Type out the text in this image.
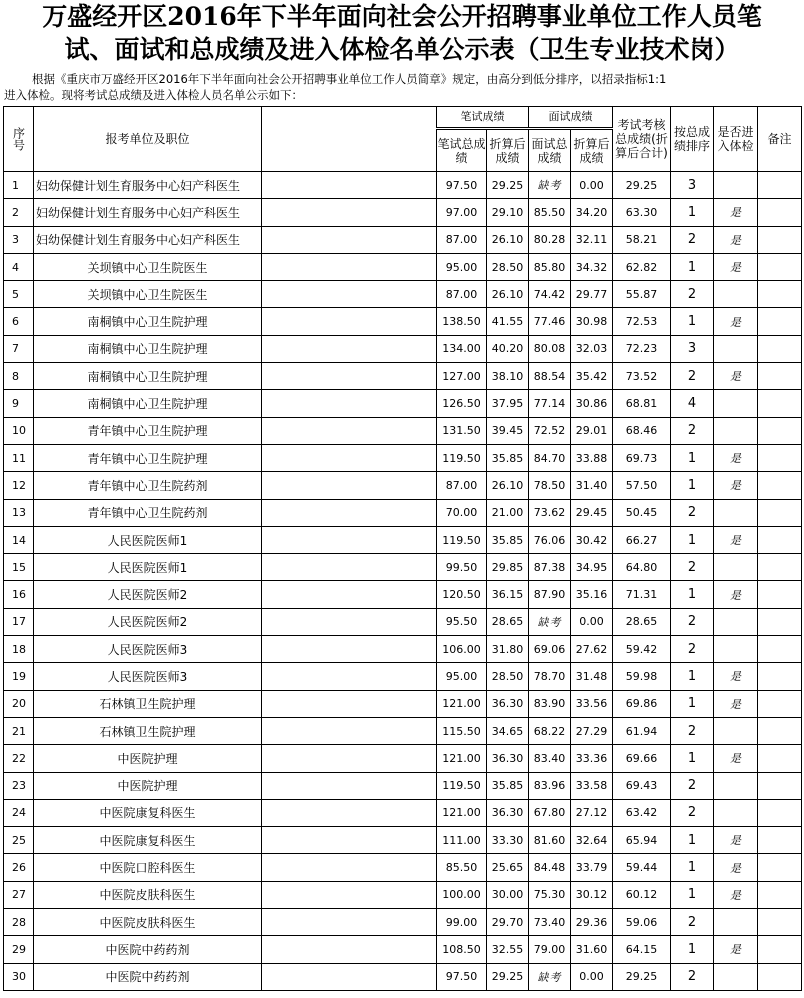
万盛经开区2016年下半年面向社会公开招聘事业单位工作人员笔
试、面试和总成绩及进入体检名单公示表（卫生专业技术岗）
根据《重庆市万盛经开区2016年下半年面向社会公开招聘事业单位工作人员简章》规定，由高分到低分排序，以招录指标1:1
进入体检。现将考试总成绩及进入体检人员名单公示如下：
序号	报考单位及职位		笔试成绩		面试成绩		考试考核总成绩(折算后合计)	按总成绩排序	是否进入体检	备注
			笔试总成绩	折算后成绩	面试总成绩	折算后成绩				
1	妇幼保健计划生育服务中心妇产科医生		97.50	29.25	缺考	0.00	29.25	3		
2	妇幼保健计划生育服务中心妇产科医生		97.00	29.10	85.50	34.20	63.30	1	是	
3	妇幼保健计划生育服务中心妇产科医生		87.00	26.10	80.28	32.11	58.21	2	是	
4	关坝镇中心卫生院医生		95.00	28.50	85.80	34.32	62.82	1	是	
5	关坝镇中心卫生院医生		87.00	26.10	74.42	29.77	55.87	2		
6	南桐镇中心卫生院护理		138.50	41.55	77.46	30.98	72.53	1	是	
7	南桐镇中心卫生院护理		134.00	40.20	80.08	32.03	72.23	3		
8	南桐镇中心卫生院护理		127.00	38.10	88.54	35.42	73.52	2	是	
9	南桐镇中心卫生院护理		126.50	37.95	77.14	30.86	68.81	4		
10	青年镇中心卫生院护理		131.50	39.45	72.52	29.01	68.46	2		
11	青年镇中心卫生院护理		119.50	35.85	84.70	33.88	69.73	1	是	
12	青年镇中心卫生院药剂		87.00	26.10	78.50	31.40	57.50	1	是	
13	青年镇中心卫生院药剂		70.00	21.00	73.62	29.45	50.45	2		
14	人民医院医师1		119.50	35.85	76.06	30.42	66.27	1	是	
15	人民医院医师1		99.50	29.85	87.38	34.95	64.80	2		
16	人民医院医师2		120.50	36.15	87.90	35.16	71.31	1	是	
17	人民医院医师2		95.50	28.65	缺考	0.00	28.65	2		
18	人民医院医师3		106.00	31.80	69.06	27.62	59.42	2		
19	人民医院医师3		95.00	28.50	78.70	31.48	59.98	1	是	
20	石林镇卫生院护理		121.00	36.30	83.90	33.56	69.86	1	是	
21	石林镇卫生院护理		115.50	34.65	68.22	27.29	61.94	2		
22	中医院护理		121.00	36.30	83.40	33.36	69.66	1	是	
23	中医院护理		119.50	35.85	83.96	33.58	69.43	2		
24	中医院康复科医生		121.00	36.30	67.80	27.12	63.42	2		
25	中医院康复科医生		111.00	33.30	81.60	32.64	65.94	1	是	
26	中医院口腔科医生		85.50	25.65	84.48	33.79	59.44	1	是	
27	中医院皮肤科医生		100.00	30.00	75.30	30.12	60.12	1	是	
28	中医院皮肤科医生		99.00	29.70	73.40	29.36	59.06	2		
29	中医院中药药剂		108.50	32.55	79.00	31.60	64.15	1	是	
30	中医院中药药剂		97.50	29.25	缺考	0.00	29.25	2		
